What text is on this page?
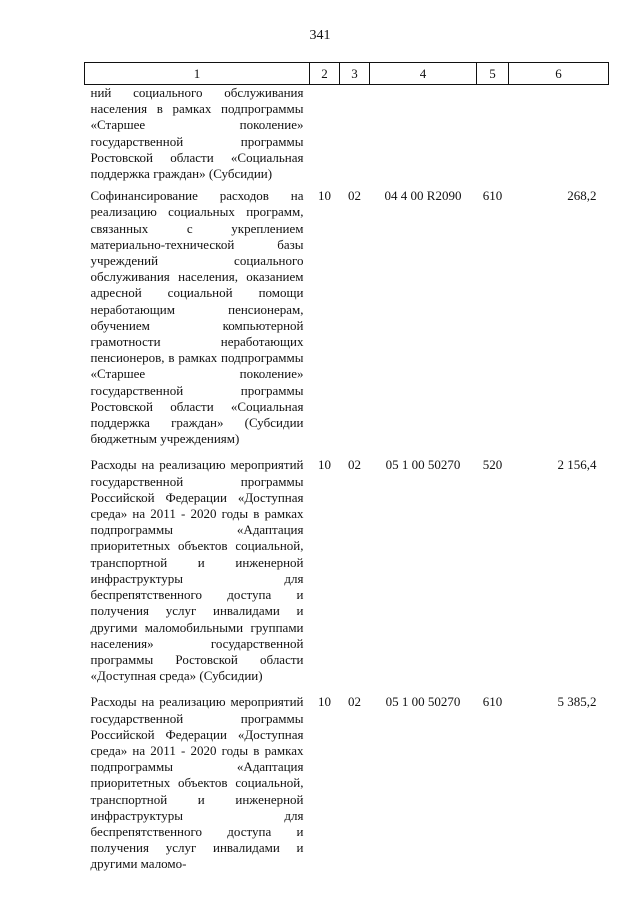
341
1	2	3	4	5	6
ний социального обслуживания населения в рамках подпрограммы «Старшее поколение» государственной программы Ростовской области «Социальная поддержка граждан» (Субсидии)					
Софинансирование расходов на реализацию социальных программ, связанных с укреплением материально-технической базы учреждений социального обслуживания населения, оказанием адресной социальной помощи неработающим пенсионерам, обучением компьютерной грамотности неработающих пенсионеров, в рамках подпрограммы «Старшее поколение» государственной программы Ростовской области «Социальная поддержка граждан» (Субсидии бюджетным учреждениям)	10	02	04 4 00 R2090	610	268,2
Расходы на реализацию мероприятий государственной программы Российской Федерации «Доступная среда» на 2011 - 2020 годы в рамках подпрограммы «Адаптация приоритетных объектов социальной, транспортной и инженерной инфраструктуры для беспрепятственного доступа и получения услуг инвалидами и другими маломобильными группами населения» государственной программы Ростовской области «Доступная среда» (Субсидии)	10	02	05 1 00 50270	520	2 156,4
Расходы на реализацию мероприятий государственной программы Российской Федерации «Доступная среда» на 2011 - 2020 годы в рамках подпрограммы «Адаптация приоритетных объектов социальной, транспортной и инженерной инфраструктуры для беспрепятственного доступа и получения услуг инвалидами и другими маломо-	10	02	05 1 00 50270	610	5 385,2
